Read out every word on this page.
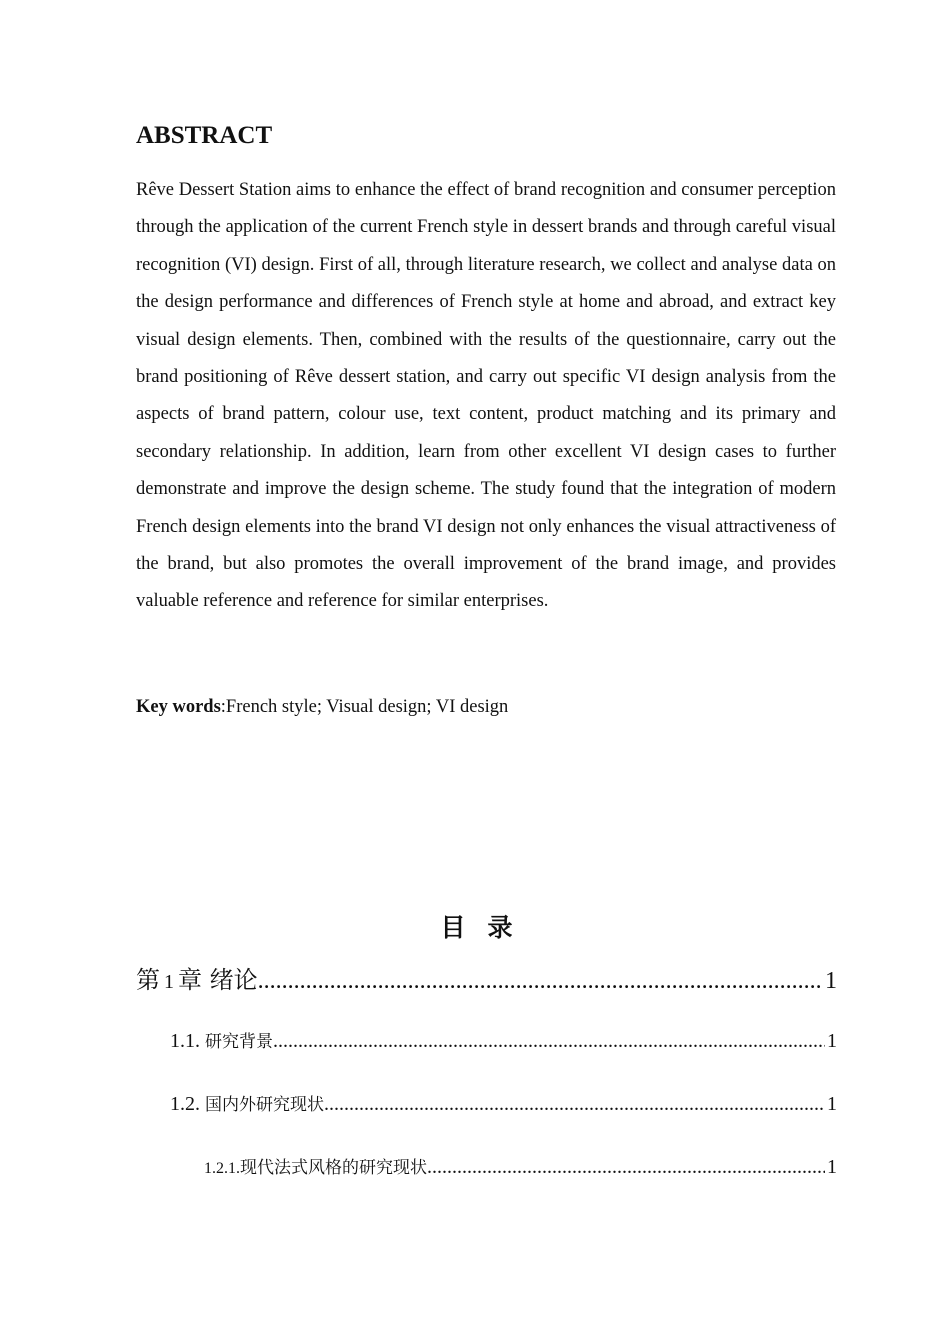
ABSTRACT

Rêve Dessert Station aims to enhance the effect of brand recognition and consumer perception through the application of the current French style in dessert brands and through careful visual recognition (VI) design. First of all, through literature research, we collect and analyse data on the design performance and differences of French style at home and abroad, and extract key visual design elements. Then, combined with the results of the questionnaire, carry out the brand positioning of Rêve dessert station, and carry out specific VI design analysis from the aspects of brand pattern, colour use, text content, product matching and its primary and secondary relationship. In addition, learn from other excellent VI design cases to further demonstrate and improve the design scheme. The study found that the integration of modern French design elements into the brand VI design not only enhances the visual attractiveness of the brand, but also promotes the overall improvement of the brand image, and provides valuable reference and reference for similar enterprises.

Key words:French style; Visual design; VI design

目录
第 1 章 绪论 .....	1
1.1. 研究背景 .....	1
1.2. 国内外研究现状 .....	1
1.2.1.现代法式风格的研究现状 .....	1
